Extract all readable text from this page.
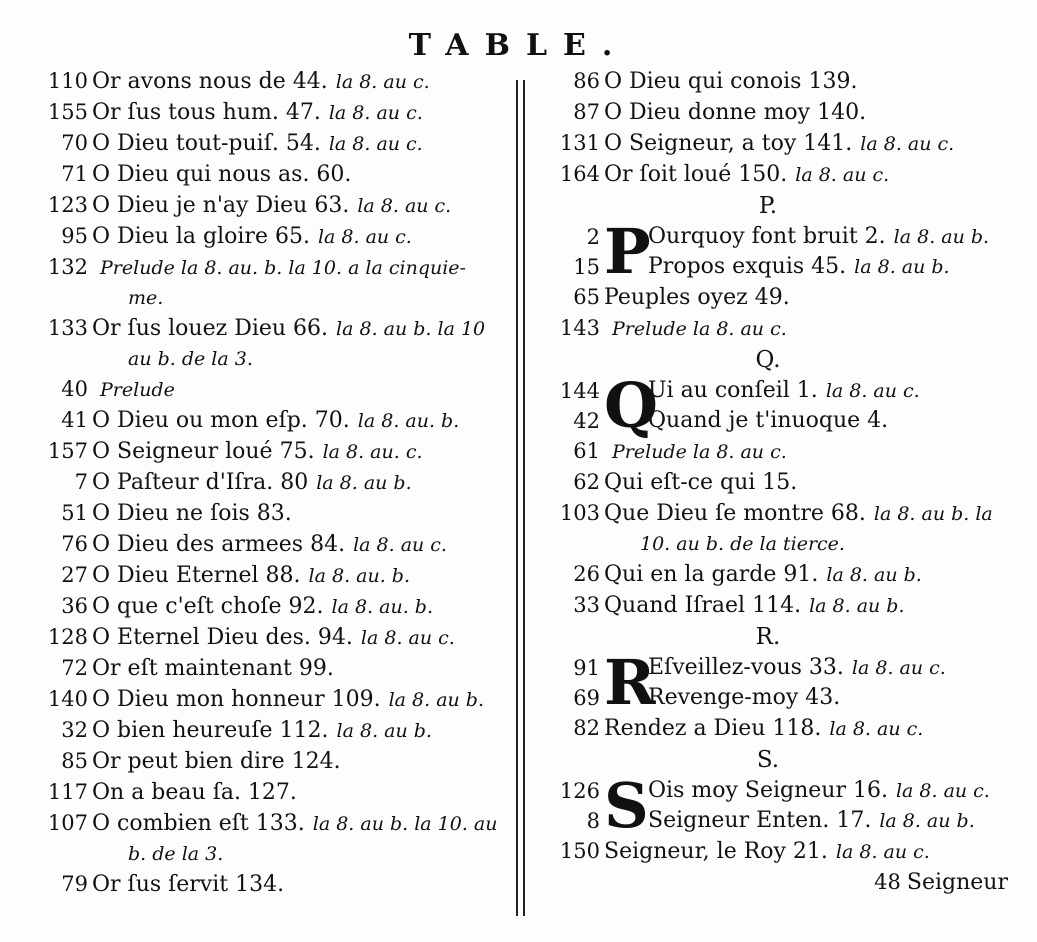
TABLE.
110 Or avons nous de 44. la 8. au c.
155 Or ſus tous hum. 47. la 8. au c.
70 O Dieu tout-puiſ. 54. la 8. au c.
71 O Dieu qui nous as. 60.
123 O Dieu je n'ay Dieu 63. la 8. au c.
95 O Dieu la gloire 65. la 8. au c.
132 Prelude la 8. au. b. la 10. a la cinquie-
me.
133 Or ſus louez Dieu 66. la 8. au b. la 10
au b. de la 3.
40 Prelude
41 O Dieu ou mon eſp. 70. la 8. au. b.
157 O Seigneur loué 75. la 8. au. c.
7 O Paſteur d'Iſra. 80 la 8. au b.
51 O Dieu ne ſois 83.
76 O Dieu des armees 84. la 8. au c.
27 O Dieu Eternel 88. la 8. au. b.
36 O que c'eſt choſe 92. la 8. au. b.
128 O Eternel Dieu des. 94. la 8. au c.
72 Or eſt maintenant 99.
140 O Dieu mon honneur 109. la 8. au b.
32 O bien heureuſe 112. la 8. au b.
85 Or peut bien dire 124.
117 On a beau ſa. 127.
107 O combien eſt 133. la 8. au b. la 10. au
b. de la 3.
79 Or ſus ſervit 134.
86 O Dieu qui conois 139.
87 O Dieu donne moy 140.
131 O Seigneur, a toy 141. la 8. au c.
164 Or ſoit loué 150. la 8. au c.
P.
P
2 Ourquoy font bruit 2. la 8. au b.
15 Propos exquis 45. la 8. au b.
65 Peuples oyez 49.
143 Prelude la 8. au c.
Q.
Q
144 Ui au conſeil 1. la 8. au c.
42 Quand je t'inuoque 4.
61 Prelude la 8. au c.
62 Qui eſt-ce qui 15.
103 Que Dieu ſe montre 68. la 8. au b. la
10. au b. de la tierce.
26 Qui en la garde 91. la 8. au b.
33 Quand Iſrael 114. la 8. au b.
R.
R
91 Eſveillez-vous 33. la 8. au c.
69 Revenge-moy 43.
82 Rendez a Dieu 118. la 8. au c.
S.
S
126 Ois moy Seigneur 16. la 8. au c.
8 Seigneur Enten. 17. la 8. au b.
150 Seigneur, le Roy 21. la 8. au c.
48 Seigneur
